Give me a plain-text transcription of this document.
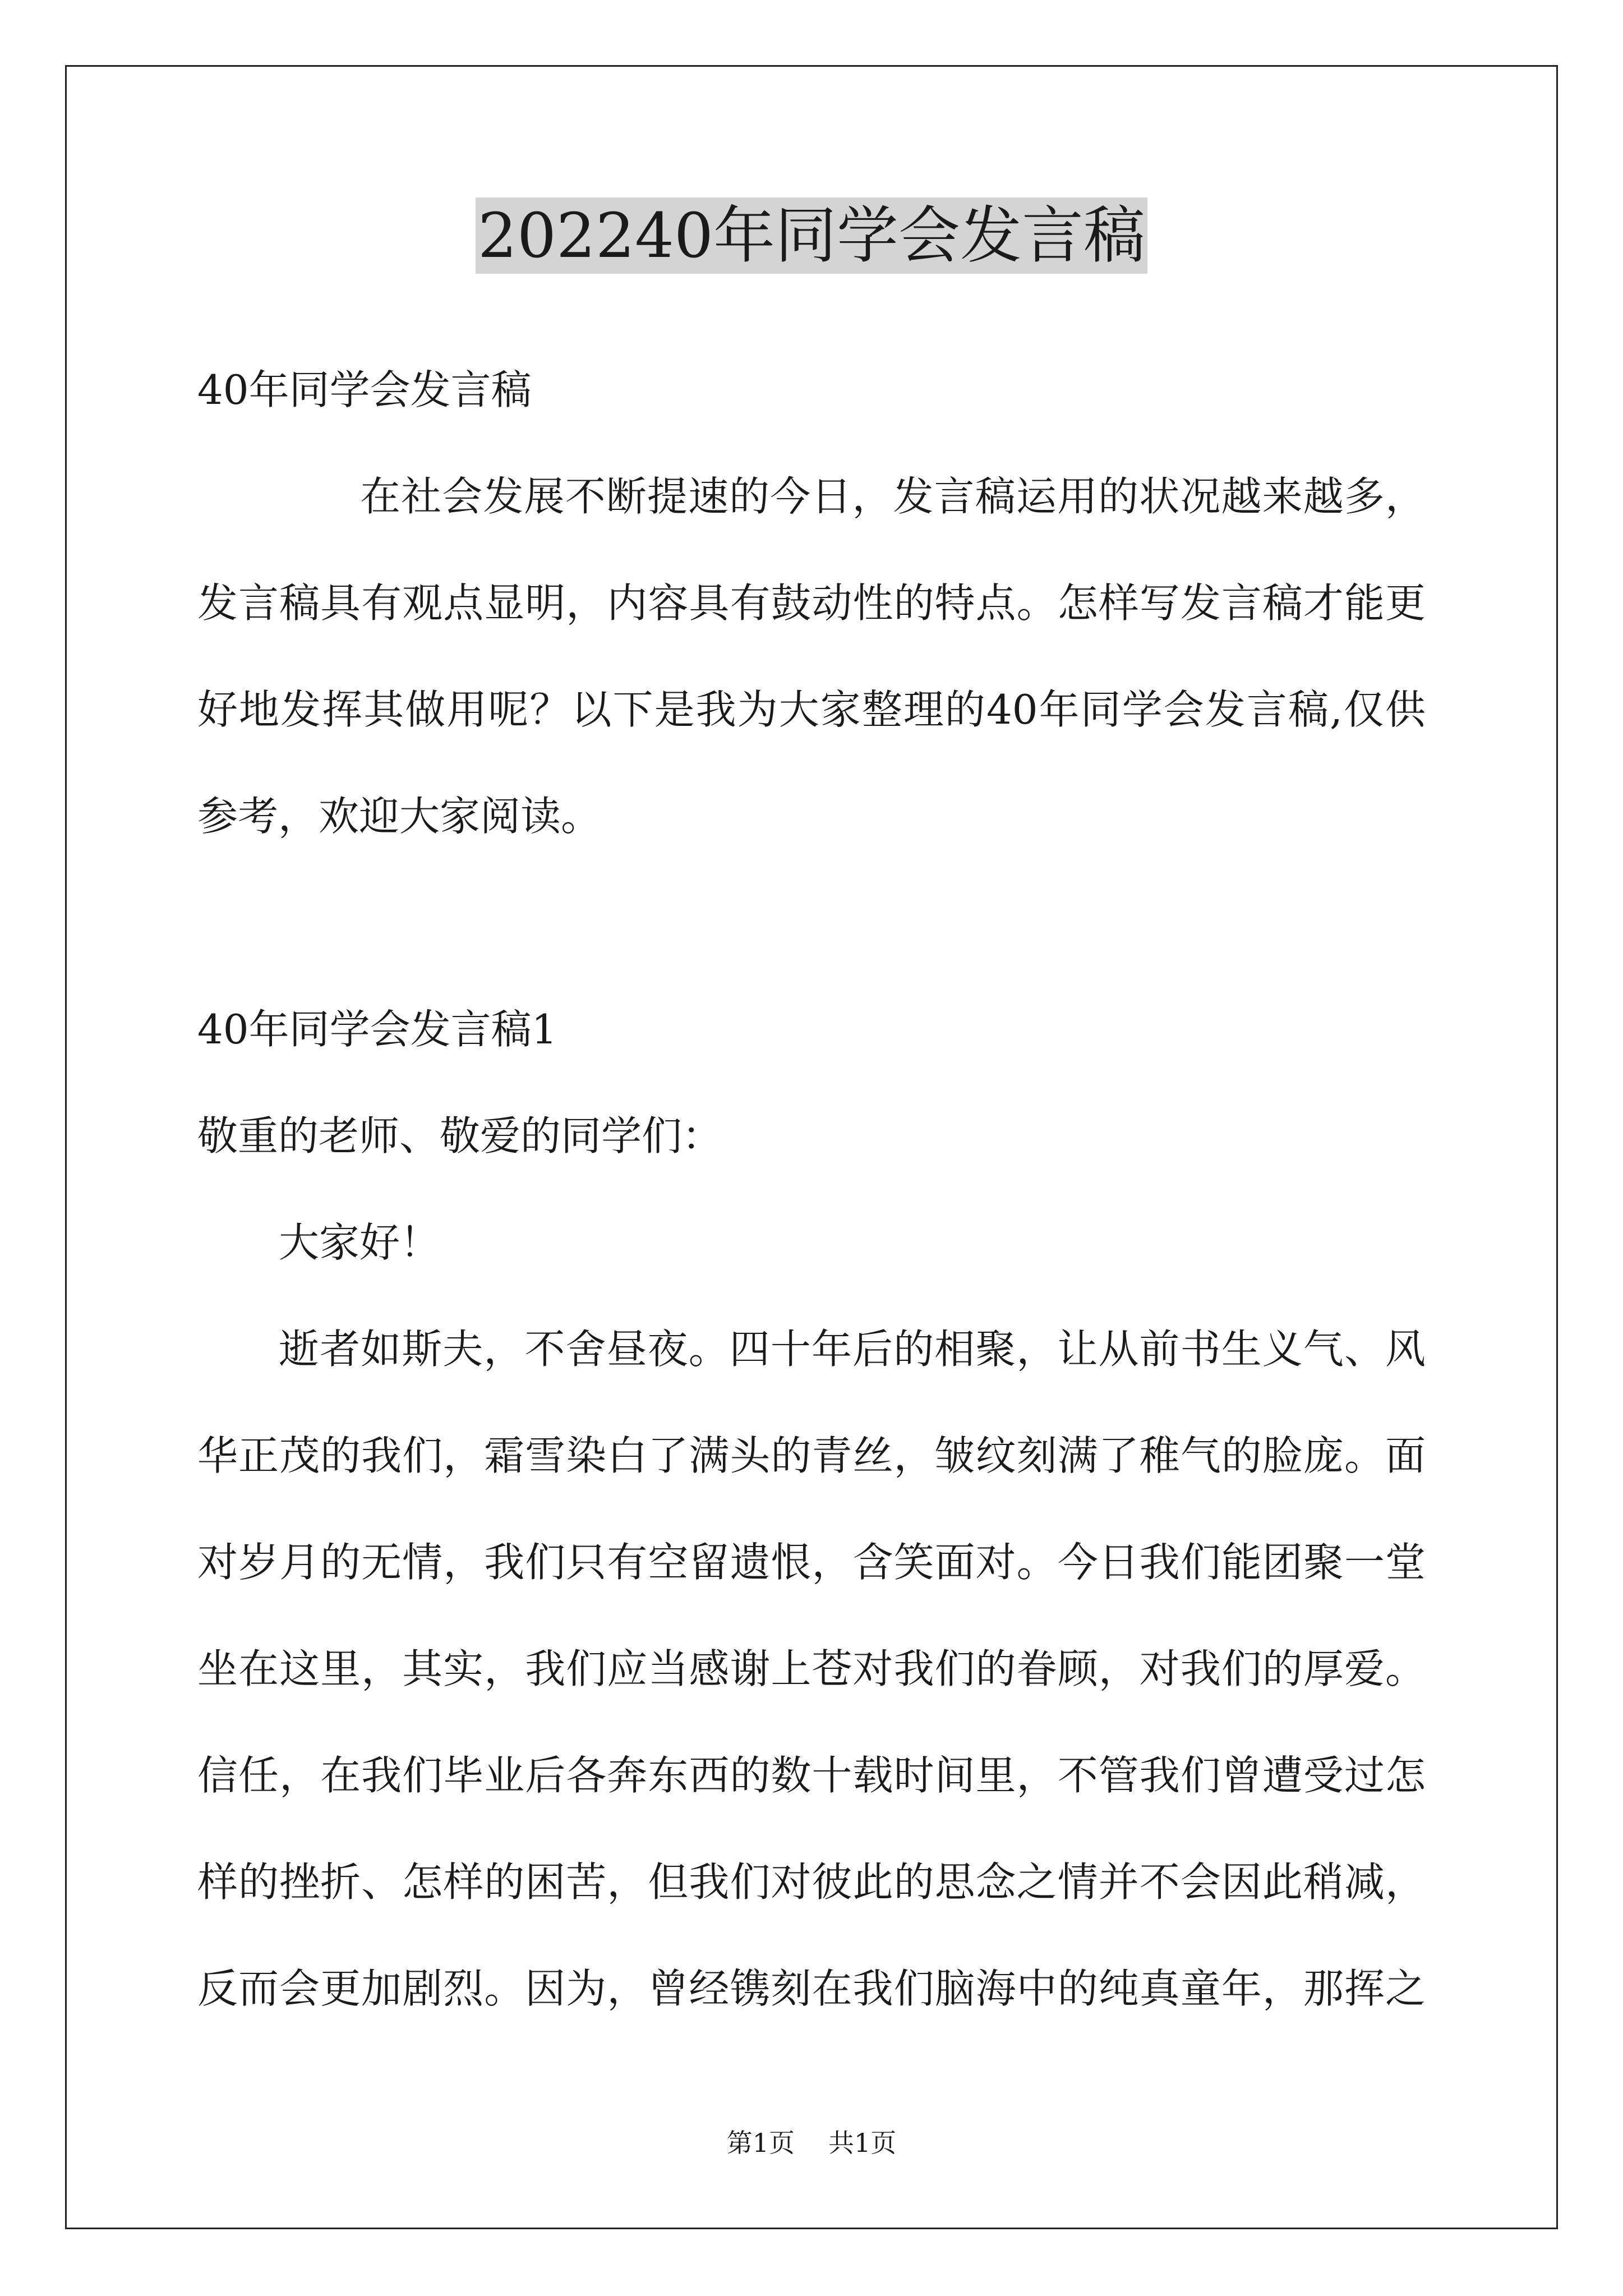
202240年同学会发言稿
40年同学会发言稿
在社会发展不断提速的今日，发言稿运用的状况越来越多，
发言稿具有观点显明，内容具有鼓动性的特点。怎样写发言稿才能更
好地发挥其做用呢？以下是我为大家整理的40年同学会发言稿,仅供
参考，欢迎大家阅读。
40年同学会发言稿1
敬重的老师、敬爱的同学们：
大家好！
逝者如斯夫，不舍昼夜。四十年后的相聚，让从前书生义气、风
华正茂的我们，霜雪染白了满头的青丝，皱纹刻满了稚气的脸庞。面
对岁月的无情，我们只有空留遗恨，含笑面对。今日我们能团聚一堂
坐在这里，其实，我们应当感谢上苍对我们的眷顾，对我们的厚爱。
信任，在我们毕业后各奔东西的数十载时间里，不管我们曾遭受过怎
样的挫折、怎样的困苦，但我们对彼此的思念之情并不会因此稍减，
反而会更加剧烈。因为，曾经镌刻在我们脑海中的纯真童年，那挥之
第1页 共1页
